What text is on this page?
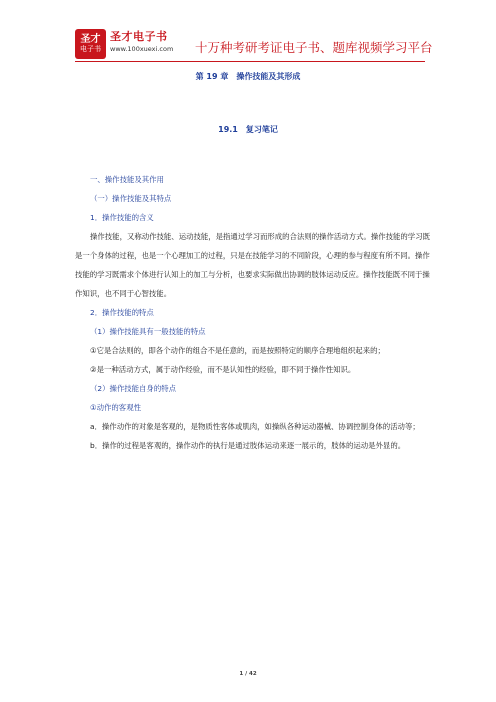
圣才
电子书
圣才电子书
www.100xuexi.com 十万种考研考证电子书、题库视频学习平台
第 19 章　操作技能及其形成
19.1　复习笔记

一、操作技能及其作用

（一）操作技能及其特点

1．操作技能的含义

操作技能，又称动作技能、运动技能，是指通过学习而形成的合法则的操作活动方式。操作技能的学习既是一个身体的过程，也是一个心理加工的过程，只是在技能学习的不同阶段，心理的参与程度有所不同。操作技能的学习既需求个体进行认知上的加工与分析，也要求实际做出协调的肢体运动反应。操作技能既不同于操作知识，也不同于心智技能。

2．操作技能的特点

（1）操作技能具有一般技能的特点

①它是合法则的，即各个动作的组合不是任意的，而是按照特定的顺序合理地组织起来的；

②是一种活动方式，属于动作经验，而不是认知性的经验，即不同于操作性知识。

（2）操作技能自身的特点

①动作的客观性

a．操作动作的对象是客观的，是物质性客体或肌肉，如操纵各种运动器械、协调控制身体的活动等；

b．操作的过程是客观的，操作动作的执行是通过肢体运动来逐一展示的，肢体的运动是外显的。

1 / 42
